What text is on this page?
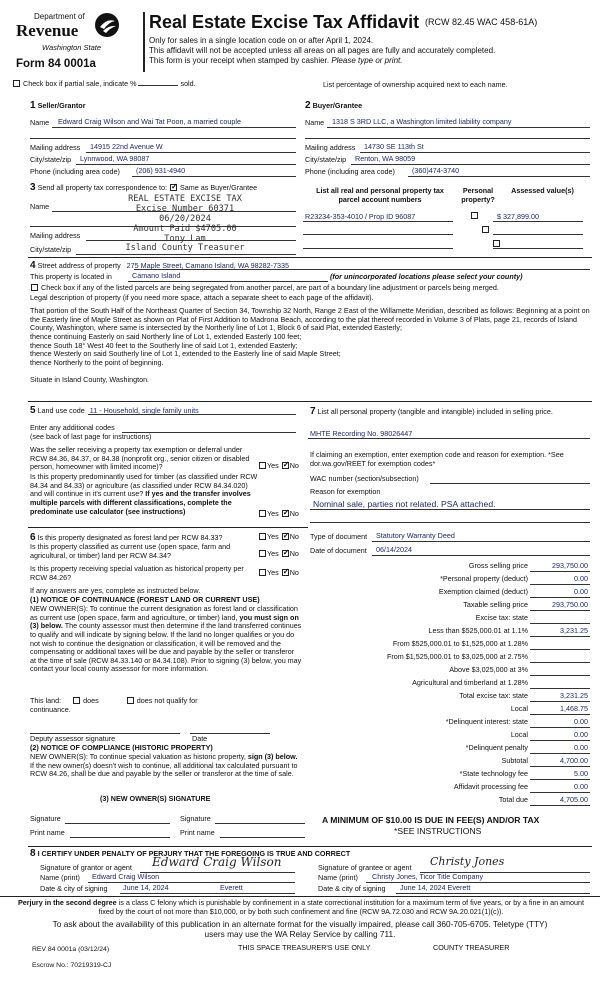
Department of
Revenue
Washington State
Form 84 0001a
Real Estate Excise Tax Affidavit (RCW 82.45 WAC 458-61A)
Only for sales in a single location code on or after April 1, 2024.
This affidavit will not be accepted unless all areas on all pages are fully and accurately completed.
This form is your receipt when stamped by cashier. Please type or print.
Check box if partial sale, indicate %	sold.	List percentage of ownership acquired next to each name.
1 Seller/Grantor
Name Edward Craig Wilson and Wai Tat Poon, a married couple
Mailing address 14915 22nd Avenue W
City/state/zip Lynnwood, WA 98087
Phone (including area code) (206) 931-4940
2 Buyer/Grantee
Name 1318 S 3RD LLC, a Washington limited liability company
Mailing address 14730 SE 113th St
City/state/zip Renton, WA 98059
Phone (including area code) (360)474-3740
3 Send all property tax correspondence to: ✓ Same as Buyer/Grantee
Name
Mailing address
City/state/zip
REAL ESTATE EXCISE TAX
Excise Number 60371
06/20/2024
Amount Paid $4705.00
Tony Lam
Island County Treasurer
List all real and personal property tax parcel account numbers
Personal property?
Assessed value(s)
R23234-353-4010 / Prop ID 96087
	$ 327,899.00

4 Street address of property 275 Maple Street, Camano Island, WA 98282-7335
This property is located in	Camano Island	(for unincorporated locations please select your county)
Check box if any of the listed parcels are being segregated from another parcel, are part of a boundary line adjustment or parcels being merged.
Legal description of property (if you need more space, attach a separate sheet to each page of the affidavit).
That portion of the South Half of the Northeast Quarter of Section 34, Township 32 North, Range 2 East of the Willamette Meridian, described as follows: Beginning at a point on the Easterly line of Maple Street as shown on Plat of First Addition to Madrona Beach, according to the plat thereof recorded in Volume 3 of Plats, page 21, records of Island County, Washington, where same is intersected by the Northerly line of Lot 1, Block 6 of said Plat, extended Easterly;
thence continuing Easterly on said Northerly line of Lot 1, extended Easterly 100 feet;
thence South 18° West 40 feet to the Southerly line of said Lot 1, extended Easterly;
thence Westerly on said Southerly line of Lot 1, extended to the Easterly line of said Maple Street;
thence Northerly to the point of beginning.
Situate in Island County, Washington.
5 Land use code 11 - Household, single family units
Enter any additional codes
(see back of last page for instructions)
Was the seller receiving a property tax exemption or deferral under RCW 84.36, 84.37, or 84.38 (nonprofit org., senior citizen or disabled person, homeowner with limited income)?	Yes ✓ No
Is this property predominantly used for timber (as classified under RCW 84.34 and 84.33) or agriculture (as classified under RCW 84.34.020) and will continue in it's current use? If yes and the transfer involves multiple parcels with different classifications, complete the predominate use calculator (see instructions)	Yes ✓ No
7 List all personal property (tangible and intangible) included in selling price.
MHTE Recording No. 98026447
If claiming an exemption, enter exemption code and reason for exemption. *See dor.wa.gov/REET for exemption codes*
WAC number (section/subsection)
Reason for exemption
Nominal sale, parties not related. PSA attached.
6 Is this property designated as forest land per RCW 84.33?	Yes ✓ No
Is this property classified as current use (open space, farm and agricultural, or timber) land per RCW 84.34?	Yes ✓ No
Is this property receiving special valuation as historical property per RCW 84.26?
Yes ✓ No
If any answers are yes, complete as instructed below.
(1) NOTICE OF CONTINUANCE (FOREST LAND OR CURRENT USE)
NEW OWNER(S): To continue the current designation as forest land or classification as current use (open space, farm and agriculture, or timber) land, you must sign on (3) below. The county assessor must then determine if the land transferred continues to qualify and will indicate by signing below. If the land no longer qualifies or you do not wish to continue the designation or classification, it will be removed and the compensating or additional taxes will be due and payable by the seller or transferor at the time of sale (RCW 84.33.140 or 84.34.108). Prior to signing (3) below, you may contact your local county assessor for more information.
This land:	does	does not qualify for
continuance.
Deputy assessor signature	Date
(2) NOTICE OF COMPLIANCE (HISTORIC PROPERTY)
NEW OWNER(S): To continue special valuation as historic property, sign (3) below. If the new owner(s) doesn't wish to continue, all additional tax calculated pursuant to RCW 84.26, shall be due and payable by the seller or transferor at the time of sale.
(3) NEW OWNER(S) SIGNATURE
Signature	Signature
Print name	Print name
Type of document Statutory Warranty Deed
Date of document 06/14/2024
Gross selling price	293,750.00
*Personal property (deduct)	0.00
Exemption claimed (deduct)	0.00
Taxable selling price	293,750.00
Excise tax: state
Less than $525,000.01 at 1.1%	3,231.25
From $525,000.01 to $1,525,000 at 1.28%
From $1,525,000.01 to $3,025,000 at 2.75%
Above $3,025,000 at 3%
Agricultural and timberland at 1.28%
Total excise tax: state	3,231.25
Local	1,468.75
*Delinquent interest: state	0.00
Local	0.00
*Delinquent penalty	0.00
Subtotal	4,700.00
*State technology fee	5.00
Affidavit processing fee	0.00
Total due	4,705.00
A MINIMUM OF $10.00 IS DUE IN FEE(S) AND/OR TAX
*SEE INSTRUCTIONS
8 I CERTIFY UNDER PENALTY OF PERJURY THAT THE FOREGOING IS TRUE AND CORRECT
Signature of grantor or agent Edward Craig Wilson
Name (print) Edward Craig Wilson
Date & city of signing June 14, 2024	Everett
Signature of grantee or agent Christy Jones
Name (print) Christy Jones, Ticor Title Company
Date & city of signing June 14, 2024 Everett
Perjury in the second degree is a class C felony which is punishable by confinement in a state correctional institution for a maximum term of five years, or by a fine in an amount fixed by the court of not more than $10,000, or by both such confinement and fine (RCW 9A.72.030 and RCW 9A.20.021(1)(c)).
To ask about the availability of this publication in an alternate format for the visually impaired, please call 360-705-6705. Teletype (TTY) users may use the WA Relay Service by calling 711.
REV 84 0001a (03/12/24)	THIS SPACE TREASURER'S USE ONLY	COUNTY TREASURER
Escrow No.: 70219319-CJ
